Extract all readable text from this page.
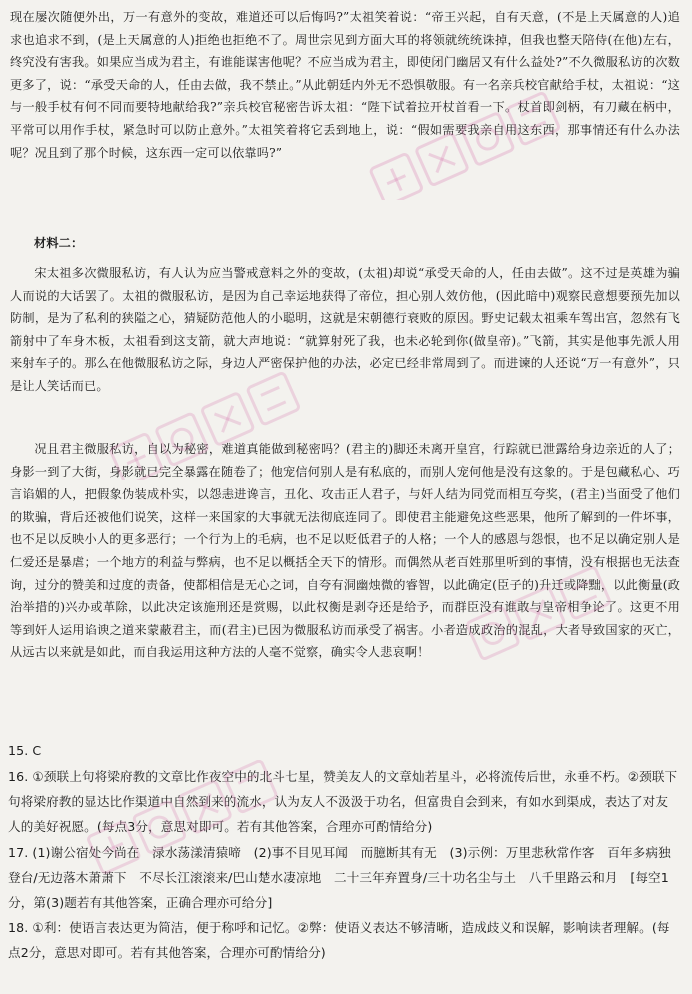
现在屡次随便外出，万一有意外的变故，难道还可以后悔吗?”太祖笑着说：“帝王兴起，自有天意，(不是上天属意的人)追求也追求不到，(是上天属意的人)拒绝也拒绝不了。周世宗见到方面大耳的将领就统统诛掉，但我也整天陪侍(在他)左右，终究没有害我。如果应当成为君主，有谁能谋害他呢？不应当成为君主，即使闭门幽居又有什么益处?”不久微服私访的次数更多了，说：“承受天命的人，任由去做，我不禁止。”从此朝廷内外无不恐惧敬服。有一名亲兵校官献给手杖，太祖说：“这与一般手杖有何不同而要特地献给我?”亲兵校官秘密告诉太祖：“陛下试着拉开杖首看一下。杖首即剑柄，有刀藏在柄中，平常可以用作手杖，紧急时可以防止意外。”太祖笑着将它丢到地上，说：“假如需要我亲自用这东西，那事情还有什么办法呢？况且到了那个时候，这东西一定可以依靠吗?”
材料二：
宋太祖多次微服私访，有人认为应当警戒意料之外的变故，(太祖)却说“承受天命的人，任由去做”。这不过是英雄为骗人而说的大话罢了。太祖的微服私访，是因为自己幸运地获得了帝位，担心别人效仿他，(因此暗中)观察民意想要预先加以防制，是为了私利的狭隘之心，猜疑防范他人的小聪明，这就是宋朝德行衰败的原因。野史记载太祖乘车驾出宫，忽然有飞箭射中了车身木板，太祖看到这支箭，就大声地说：“就算射死了我，也未必轮到你(做皇帝)。”飞箭，其实是他事先派人用来射车子的。那么在他微服私访之际，身边人严密保护他的办法，必定已经非常周到了。而进谏的人还说“万一有意外”，只是让人笑话而已。
况且君主微服私访，自以为秘密，难道真能做到秘密吗？(君主的)脚还未离开皇宫，行踪就已泄露给身边亲近的人了；身影一到了大街，身影就已完全暴露在随卷了；他宠信何别人是有私底的，而别人宠何他是没有这象的。于是包藏私心、巧言谄媚的人，把假象伪装成朴实，以怨恚进谗言，丑化、攻击正人君子，与奸人结为同党而相互夸奖，(君主)当面受了他们的欺骗，背后还被他们说笑，这样一来国家的大事就无法彻底连同了。即使君主能避免这些恶果，他所了解到的一件坏事，也不足以反映小人的更多恶行；一个行为上的毛病，也不足以贬低君子的人格；一个人的感恩与怨恨，也不足以确定别人是仁爱还是暴虐；一个地方的利益与弊病，也不足以概括全天下的情形。而偶然从老百姓那里听到的事情，没有根据也无法查询，过分的赞美和过度的责备，使都相信是无心之词，自夸有洞幽烛微的睿智，以此确定(臣子的)升迁或降黜，以此衡量(政治举措的)兴办或革除，以此决定该施刑还是赏赐，以此权衡是剥夺还是给予，而群臣没有谁敢与皇帝相争论了。这更不用等到奸人运用谄谀之道来蒙蔽君主，而(君主)已因为微服私访而承受了祸害。小者造成政治的混乱，大者导致国家的灭亡，从远古以来就是如此，而自我运用这种方法的人毫不觉察，确实令人悲哀啊！
15. C
16. ①颈联上句将梁府教的文章比作夜空中的北斗七星，赞美友人的文章灿若星斗，必将流传后世，永垂不朽。②颈联下句将梁府教的显达比作渠道中自然到来的流水，认为友人不汲汲于功名，但富贵自会到来，有如水到渠成，表达了对友人的美好祝愿。(每点3分，意思对即可。若有其他答案，合理亦可酌情给分)
17. (1)谢公宿处今尚在　渌水荡漾清猿啼　(2)事不目见耳闻　而臆断其有无　(3)示例：万里悲秋常作客　百年多病独登台/无边落木萧萧下　不尽长江滚滚来/巴山楚水凄凉地　二十三年弃置身/三十功名尘与土　八千里路云和月　[每空1分，第(3)题若有其他答案，正确合理亦可给分]
18. ①利：使语言表达更为简洁，便于称呼和记忆。②弊：使语义表达不够清晰，造成歧义和误解，影响读者理解。(每点2分，意思对即可。若有其他答案，合理亦可酌情给分)
